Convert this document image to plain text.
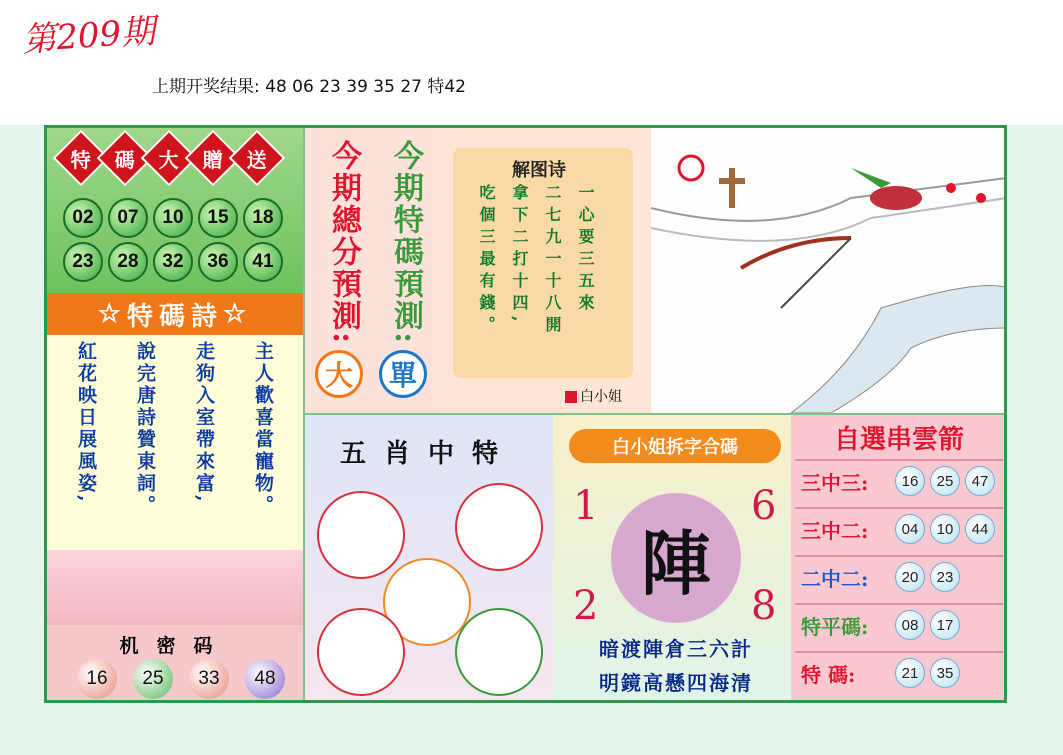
第209期
上期开奖结果: 48 06 23 39 35 27 特42
特 碼 大 贈 送
02	07	10	15	18
23	28	32	36	41
☆ 特碼詩 ☆
紅花映日展風姿, 說完唐詩贊東詞。 走狗入室帶來富, 主人歡喜當寵物。
机密码
16	25	33	48
今期總分預測: 今期特碼預測:
大	單
解图诗
一心要三五來
二七九一十八開
拿下二打十四,
吃個三最有錢。
白小姐
五肖中特	白小姐拆字合碼
1	6
2	8
陣
暗渡陣倉三六計
明鏡高懸四海清
自選串雲箭
三中三:	16	25	47
三中二:	04	10	44
二中二:	20	23
特平碼:	08	17
特 碼:	21	35
